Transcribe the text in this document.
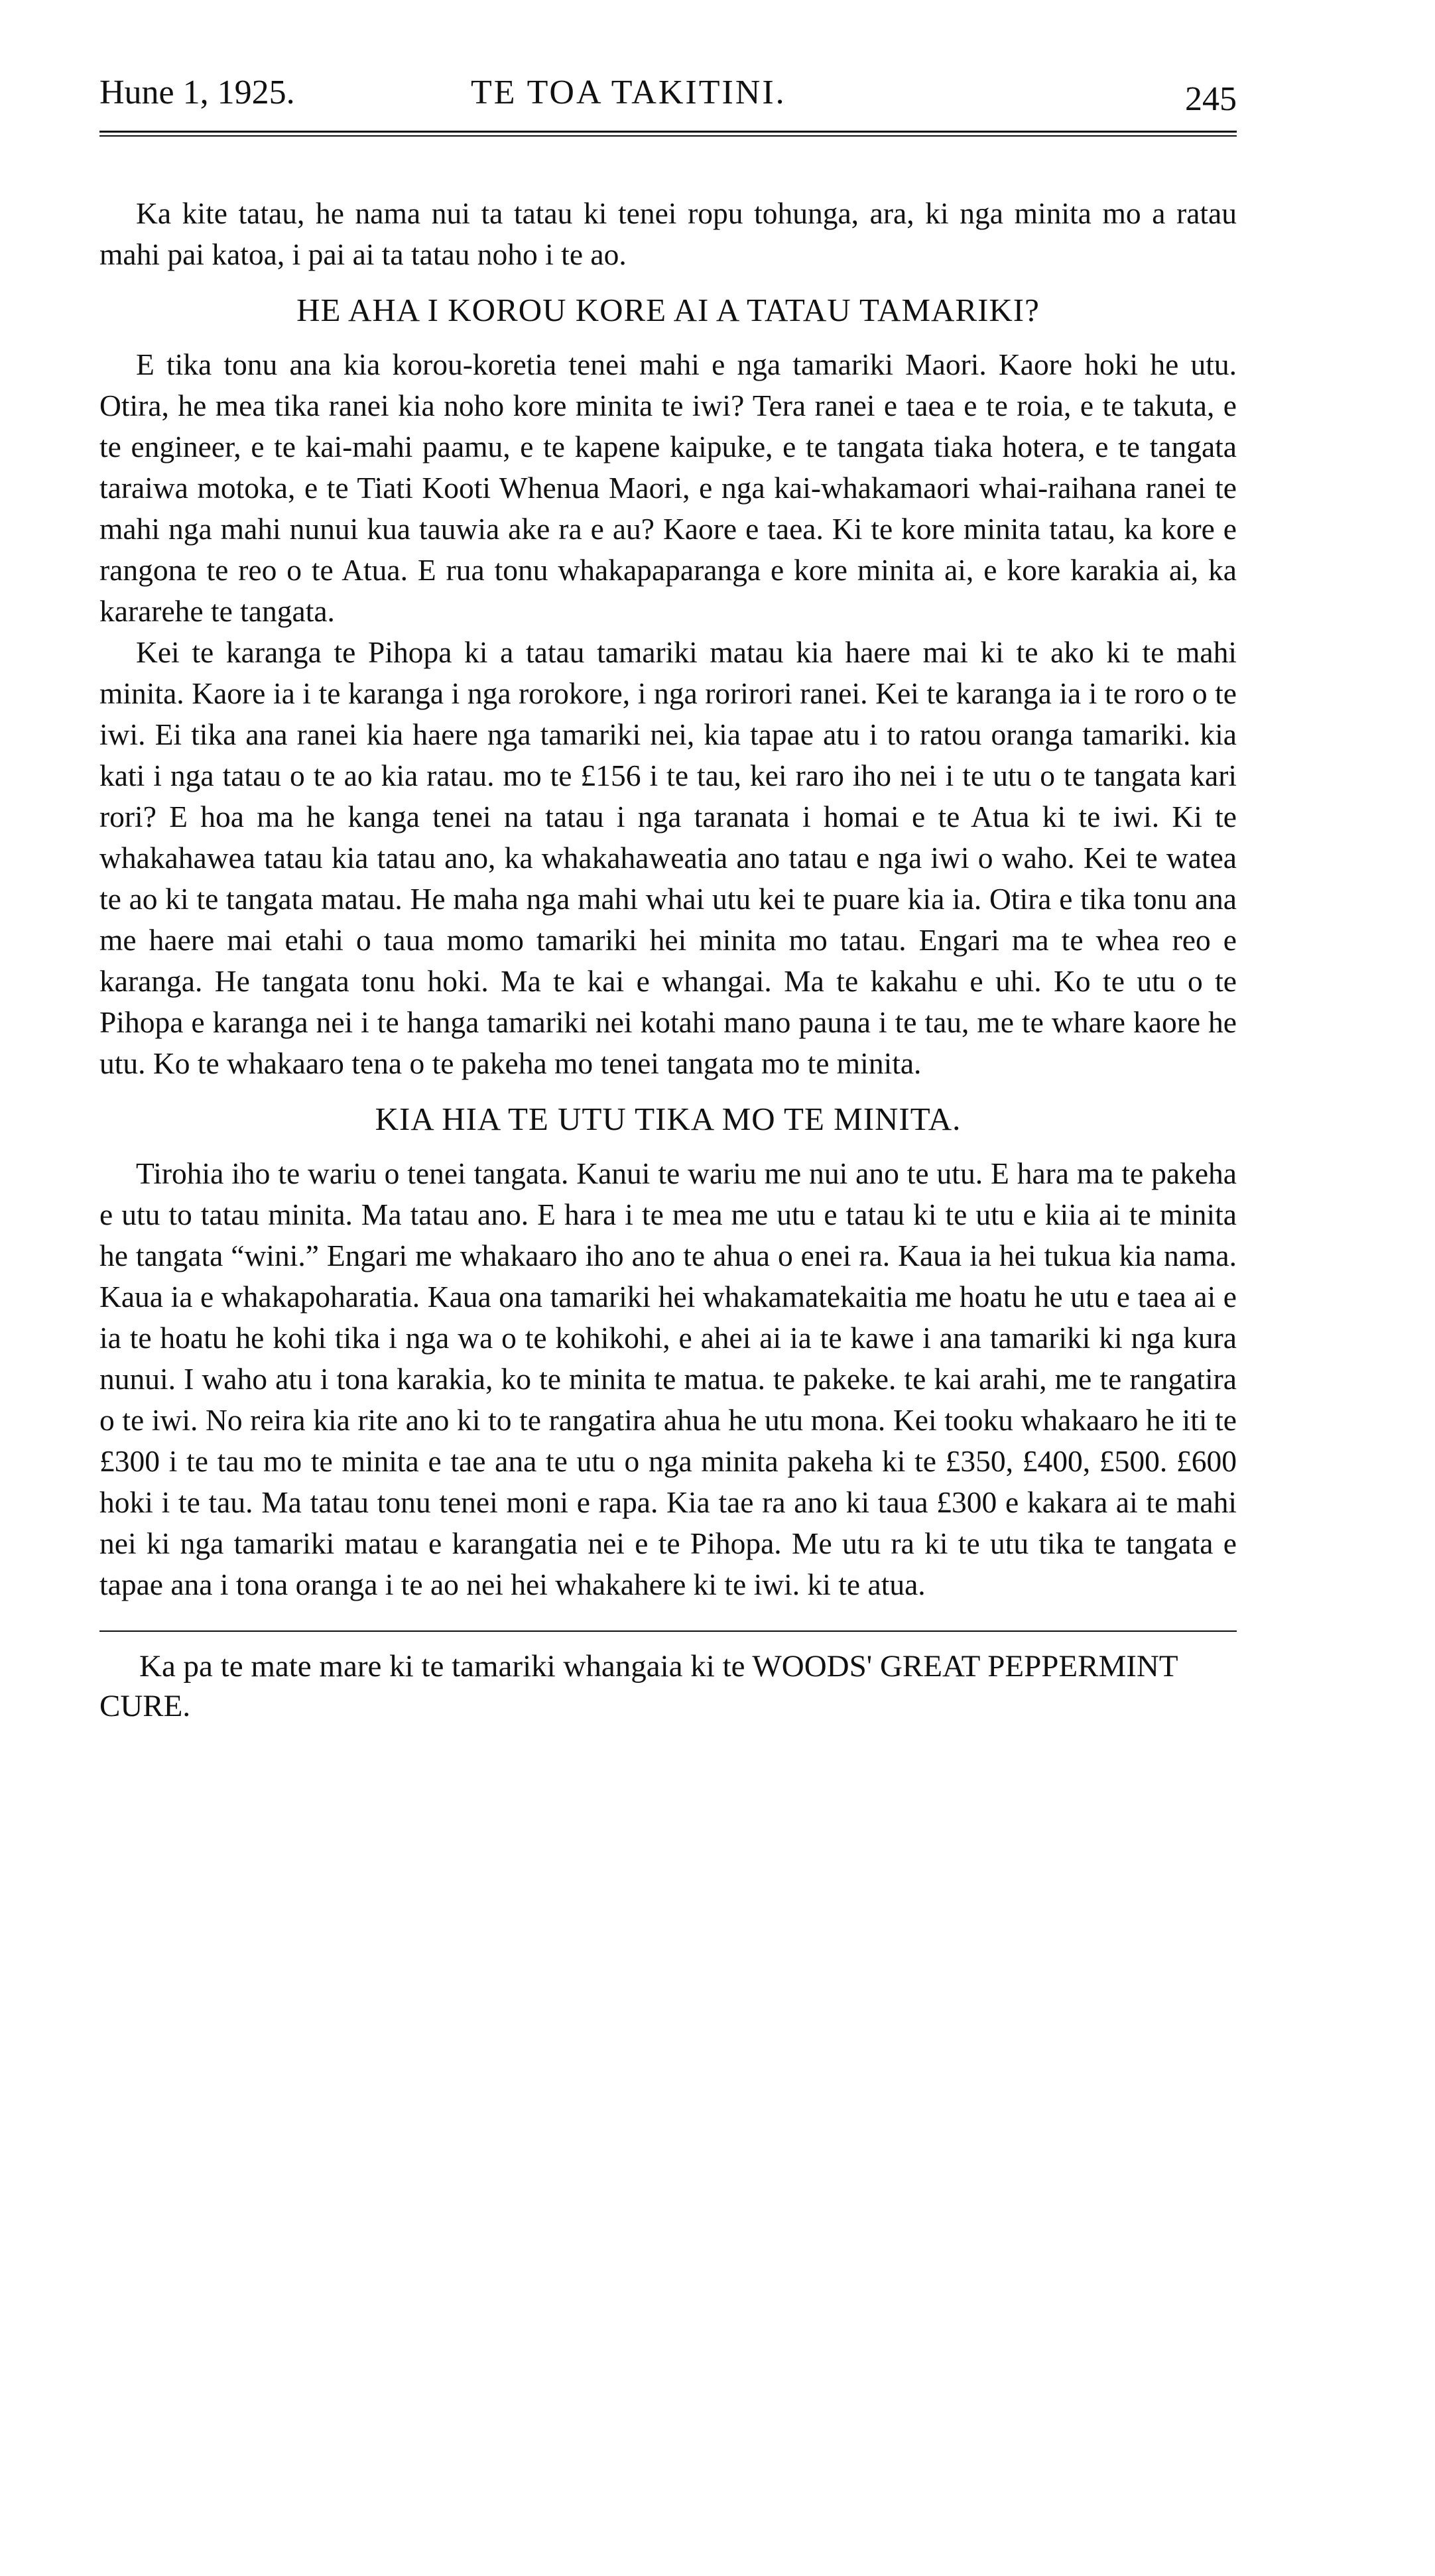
Hune 1, 1925.	TE TOA TAKITINI.	245

Ka kite tatau, he nama nui ta tatau ki tenei ropu tohunga, ara, ki nga minita mo a ratau mahi pai katoa, i pai ai ta tatau noho i te ao.

HE AHA I KOROU KORE AI A TATAU TAMARIKI?

E tika tonu ana kia korou-koretia tenei mahi e nga tamariki Maori. Kaore hoki he utu. Otira, he mea tika ranei kia noho kore minita te iwi? Tera ranei e taea e te roia, e te takuta, e te engineer, e te kai-mahi paamu, e te kapene kaipuke, e te tangata tiaka hotera, e te tangata taraiwa motoka, e te Tiati Kooti Whenua Maori, e nga kai-whakamaori whai-raihana ranei te mahi nga mahi nunui kua tauwia ake ra e au? Kaore e taea. Ki te kore minita tatau, ka kore e rangona te reo o te Atua. E rua tonu whakapaparanga e kore minita ai, e kore karakia ai, ka kararehe te tangata.

Kei te karanga te Pihopa ki a tatau tamariki matau kia haere mai ki te ako ki te mahi minita. Kaore ia i te karanga i nga rorokore, i nga rorirori ranei. Kei te karanga ia i te roro o te iwi. Ei tika ana ranei kia haere nga tamariki nei, kia tapae atu i to ratou oranga tamariki. kia kati i nga tatau o te ao kia ratau. mo te £156 i te tau, kei raro iho nei i te utu o te tangata kari rori? E hoa ma he kanga tenei na tatau i nga taranata i homai e te Atua ki te iwi. Ki te whakahawea tatau kia tatau ano, ka whakahaweatia ano tatau e nga iwi o waho. Kei te watea te ao ki te tangata matau. He maha nga mahi whai utu kei te puare kia ia. Otira e tika tonu ana me haere mai etahi o taua momo tamariki hei minita mo tatau. Engari ma te whea reo e karanga. He tangata tonu hoki. Ma te kai e whangai. Ma te kakahu e uhi. Ko te utu o te Pihopa e karanga nei i te hanga tamariki nei kotahi mano pauna i te tau, me te whare kaore he utu. Ko te whakaaro tena o te pakeha mo tenei tangata mo te minita.

KIA HIA TE UTU TIKA MO TE MINITA.

Tirohia iho te wariu o tenei tangata. Kanui te wariu me nui ano te utu. E hara ma te pakeha e utu to tatau minita. Ma tatau ano. E hara i te mea me utu e tatau ki te utu e kiia ai te minita he tangata “wini.” Engari me whakaaro iho ano te ahua o enei ra. Kaua ia hei tukua kia nama. Kaua ia e whakapoharatia. Kaua ona tamariki hei whakamatekaitia me hoatu he utu e taea ai e ia te hoatu he kohi tika i nga wa o te kohikohi, e ahei ai ia te kawe i ana tamariki ki nga kura nunui. I waho atu i tona karakia, ko te minita te matua. te pakeke. te kai arahi, me te rangatira o te iwi. No reira kia rite ano ki to te rangatira ahua he utu mona. Kei tooku whakaaro he iti te £300 i te tau mo te minita e tae ana te utu o nga minita pakeha ki te £350, £400, £500. £600 hoki i te tau. Ma tatau tonu tenei moni e rapa. Kia tae ra ano ki taua £300 e kakara ai te mahi nei ki nga tamariki matau e karangatia nei e te Pihopa. Me utu ra ki te utu tika te tangata e tapae ana i tona oranga i te ao nei hei whakahere ki te iwi. ki te atua.

Ka pa te mate mare ki te tamariki whangaia ki te WOODS' GREAT PEPPERMINT CURE.
